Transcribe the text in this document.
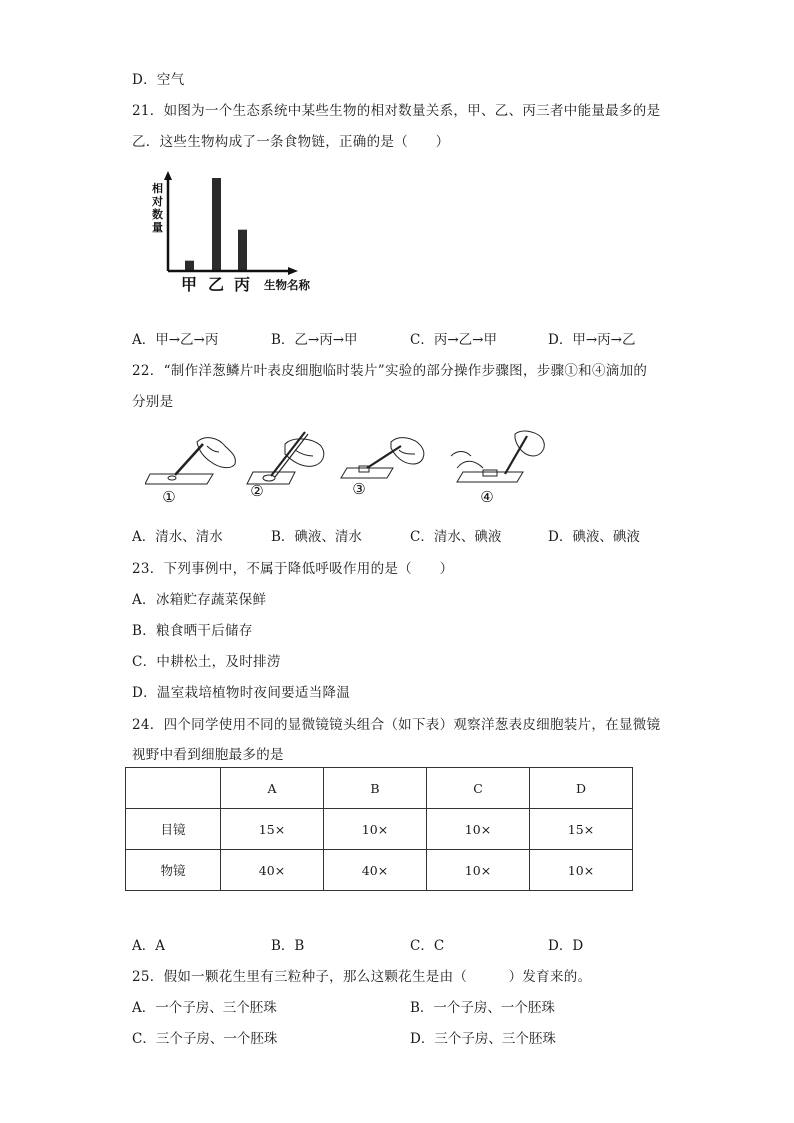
D．空气
21．如图为一个生态系统中某些生物的相对数量关系，甲、乙、丙三者中能量最多的是
乙．这些生物构成了一条食物链，正确的是（　　）
相对数量
甲 乙 丙 生物名称
A．甲→乙→丙	B．乙→丙→甲	C．丙→乙→甲	D．甲→丙→乙
22．“制作洋葱鳞片叶表皮细胞临时装片”实验的部分操作步骤图，步骤①和④滴加的
分别是
①	②	③	④
A．清水、清水	B．碘液、清水	C．清水、碘液	D．碘液、碘液
23．下列事例中，不属于降低呼吸作用的是（　　）
A．冰箱贮存蔬菜保鲜
B．粮食晒干后储存
C．中耕松土，及时排涝
D．温室栽培植物时夜间要适当降温
24．四个同学使用不同的显微镜镜头组合（如下表）观察洋葱表皮细胞装片，在显微镜
视野中看到细胞最多的是
	A	B	C	D
目镜	15×	10×	10×	15×
物镜	40×	40×	10×	10×
A．A	B．B	C．C	D．D
25．假如一颗花生里有三粒种子，那么这颗花生是由（　　　）发育来的。
A．一个子房、三个胚珠	B．一个子房、一个胚珠
C．三个子房、一个胚珠	D．三个子房、三个胚珠
